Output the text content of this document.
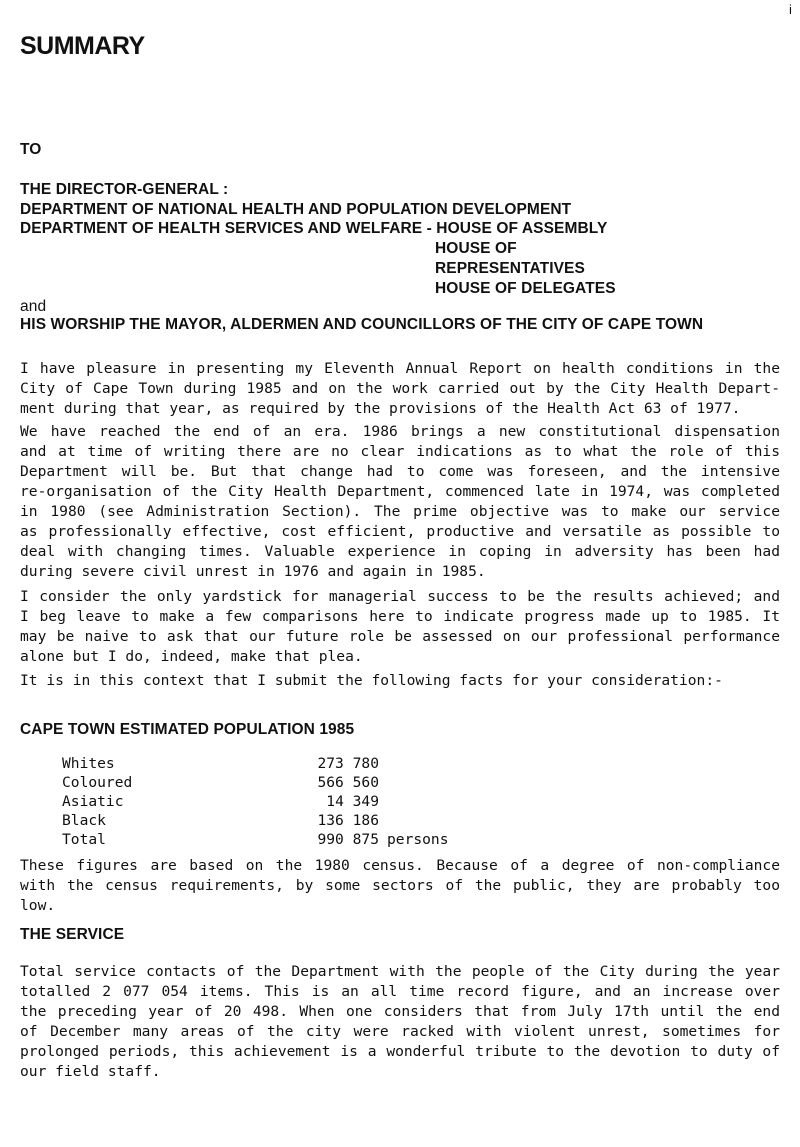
i
SUMMARY
TO
THE DIRECTOR-GENERAL :
DEPARTMENT OF NATIONAL HEALTH AND POPULATION DEVELOPMENT
DEPARTMENT OF HEALTH SERVICES AND WELFARE - HOUSE OF ASSEMBLY
HOUSE OF
REPRESENTATIVES
HOUSE OF DELEGATES
and
HIS WORSHIP THE MAYOR, ALDERMEN AND COUNCILLORS OF THE CITY OF CAPE TOWN
I have pleasure in presenting my Eleventh Annual Report on health conditions in the
City of Cape Town during 1985 and on the work carried out by the City Health Depart-
ment during that year, as required by the provisions of the Health Act 63 of 1977.
We have reached the end of an era. 1986 brings a new constitutional dispensation
and at time of writing there are no clear indications as to what the role of this
Department will be. But that change had to come was foreseen, and the intensive
re-organisation of the City Health Department, commenced late in 1974, was completed
in 1980 (see Administration Section). The prime objective was to make our service
as professionally effective, cost efficient, productive and versatile as possible to
deal with changing times. Valuable experience in coping in adversity has been had
during severe civil unrest in 1976 and again in 1985.
I consider the only yardstick for managerial success to be the results achieved; and
I beg leave to make a few comparisons here to indicate progress made up to 1985. It
may be naive to ask that our future role be assessed on our professional performance
alone but I do, indeed, make that plea.
It is in this context that I submit the following facts for your consideration:-
CAPE TOWN ESTIMATED POPULATION 1985
Whites	273 780	
Coloured	566 560	
Asiatic	14 349	
Black	136 186	
Total	990 875	persons
These figures are based on the 1980 census. Because of a degree of non-compliance
with the census requirements, by some sectors of the public, they are probably too
low.
THE SERVICE
Total service contacts of the Department with the people of the City during the year
totalled 2 077 054 items. This is an all time record figure, and an increase over
the preceding year of 20 498. When one considers that from July 17th until the end
of December many areas of the city were racked with violent unrest, sometimes for
prolonged periods, this achievement is a wonderful tribute to the devotion to duty of
our field staff.
